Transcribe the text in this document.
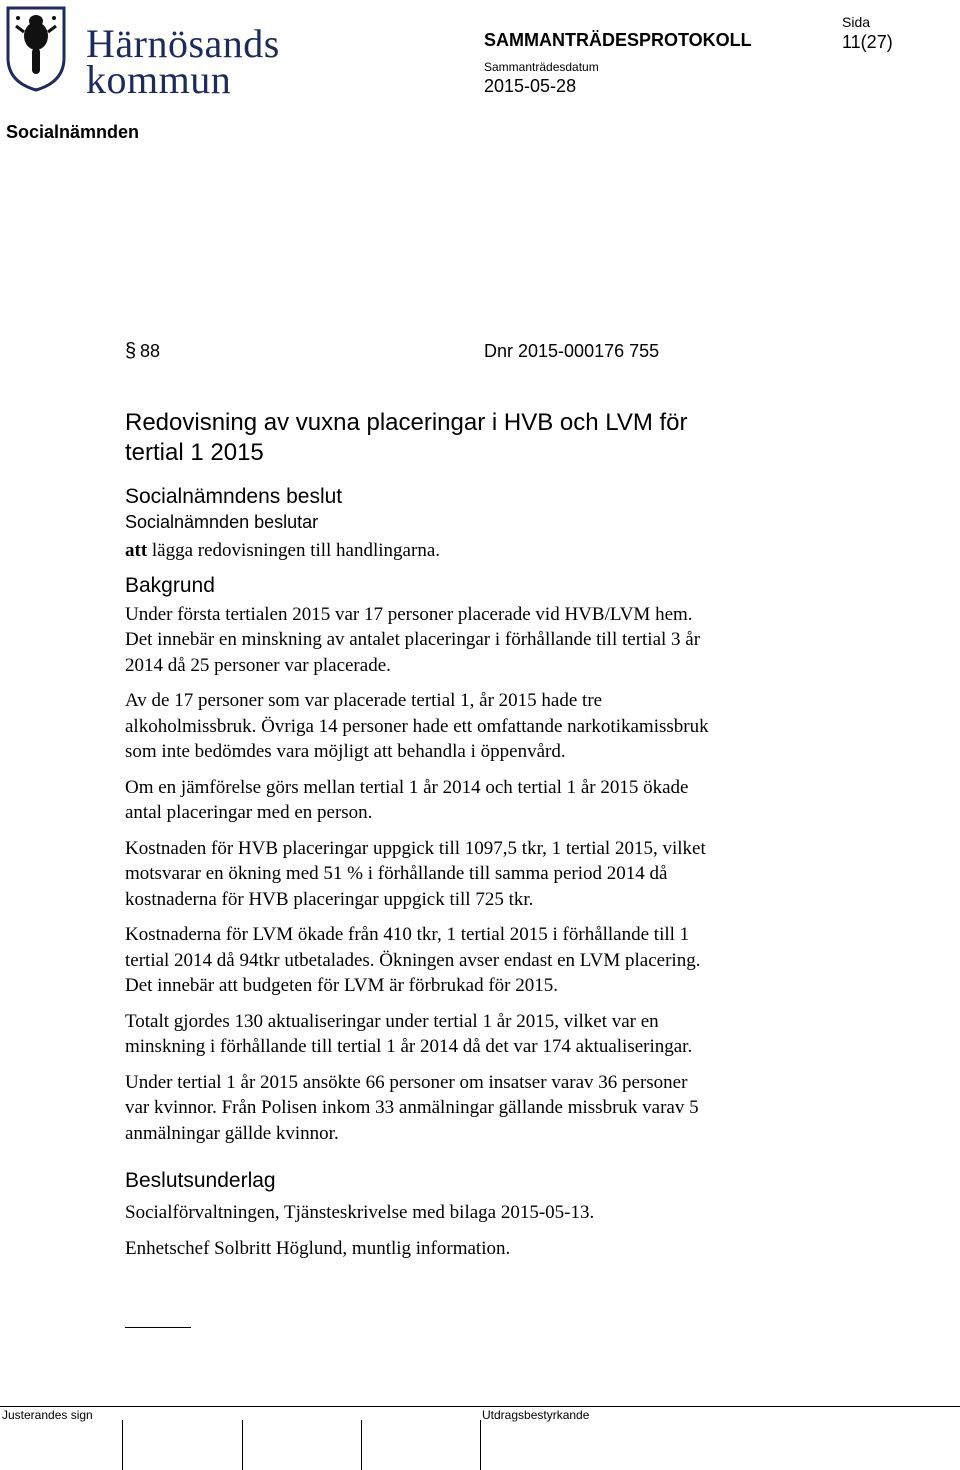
Härnösands
kommun
SAMMANTRÄDESPROTOKOLL
Sammanträdesdatum
2015-05-28
Sida
11(27)
Socialnämnden
§ 88	Dnr 2015-000176 755
Redovisning av vuxna placeringar i HVB och LVM för
tertial 1 2015
Socialnämndens beslut
Socialnämnden beslutar
att lägga redovisningen till handlingarna.
Bakgrund
Under första tertialen 2015 var 17 personer placerade vid HVB/LVM hem.
Det innebär en minskning av antalet placeringar i förhållande till tertial 3 år
2014 då 25 personer var placerade.
Av de 17 personer som var placerade tertial 1, år 2015 hade tre
alkoholmissbruk. Övriga 14 personer hade ett omfattande narkotikamissbruk
som inte bedömdes vara möjligt att behandla i öppenvård.
Om en jämförelse görs mellan tertial 1 år 2014 och tertial 1 år 2015 ökade
antal placeringar med en person.
Kostnaden för HVB placeringar uppgick till 1097,5 tkr, 1 tertial 2015, vilket
motsvarar en ökning med 51 % i förhållande till samma period 2014 då
kostnaderna för HVB placeringar uppgick till 725 tkr.
Kostnaderna för LVM ökade från 410 tkr, 1 tertial 2015 i förhållande till 1
tertial 2014 då 94tkr utbetalades. Ökningen avser endast en LVM placering.
Det innebär att budgeten för LVM är förbrukad för 2015.
Totalt gjordes 130 aktualiseringar under tertial 1 år 2015, vilket var en
minskning i förhållande till tertial 1 år 2014 då det var 174 aktualiseringar.
Under tertial 1 år 2015 ansökte 66 personer om insatser varav 36 personer
var kvinnor. Från Polisen inkom 33 anmälningar gällande missbruk varav 5
anmälningar gällde kvinnor.
Beslutsunderlag
Socialförvaltningen, Tjänsteskrivelse med bilaga 2015-05-13.
Enhetschef Solbritt Höglund, muntlig information.
Justerandes sign	Utdragsbestyrkande
